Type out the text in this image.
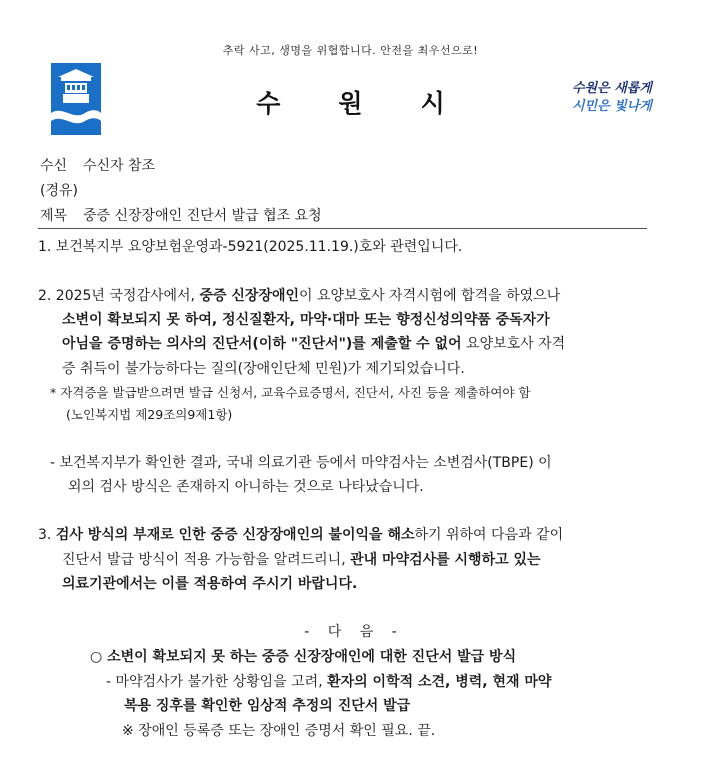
추락 사고, 생명을 위협합니다. 안전을 최우선으로!
수원시
수원은 새롭게
시민은 빛나게
수신 수신자 참조
(경유)
제목 중증 신장장애인 진단서 발급 협조 요청
1. 보건복지부 요양보험운영과-5921(2025.11.19.)호와 관련입니다.
2. 2025년 국정감사에서, 중증 신장장애인이 요양보호사 자격시험에 합격을 하였으나
소변이 확보되지 못 하여, 정신질환자, 마약·대마 또는 향정신성의약품 중독자가
아님을 증명하는 의사의 진단서(이하 "진단서")를 제출할 수 없어 요양보호사 자격
증 취득이 불가능하다는 질의(장애인단체 민원)가 제기되었습니다.
* 자격증을 발급받으려면 발급 신청서, 교육수료증명서, 진단서, 사진 등을 제출하여야 함
(노인복지법 제29조의9제1항)
- 보건복지부가 확인한 결과, 국내 의료기관 등에서 마약검사는 소변검사(TBPE) 이
외의 검사 방식은 존재하지 아니하는 것으로 나타났습니다.
3. 검사 방식의 부재로 인한 중증 신장장애인의 불이익을 해소하기 위하여 다음과 같이
진단서 발급 방식이 적용 가능함을 알려드리니, 관내 마약검사를 시행하고 있는
의료기관에서는 이를 적용하여 주시기 바랍니다.
- 다 음 -
○ 소변이 확보되지 못 하는 중증 신장장애인에 대한 진단서 발급 방식
- 마약검사가 불가한 상황임을 고려, 환자의 이학적 소견, 병력, 현재 마약
복용 징후를 확인한 임상적 추정의 진단서 발급
※ 장애인 등록증 또는 장애인 증명서 확인 필요. 끝.
